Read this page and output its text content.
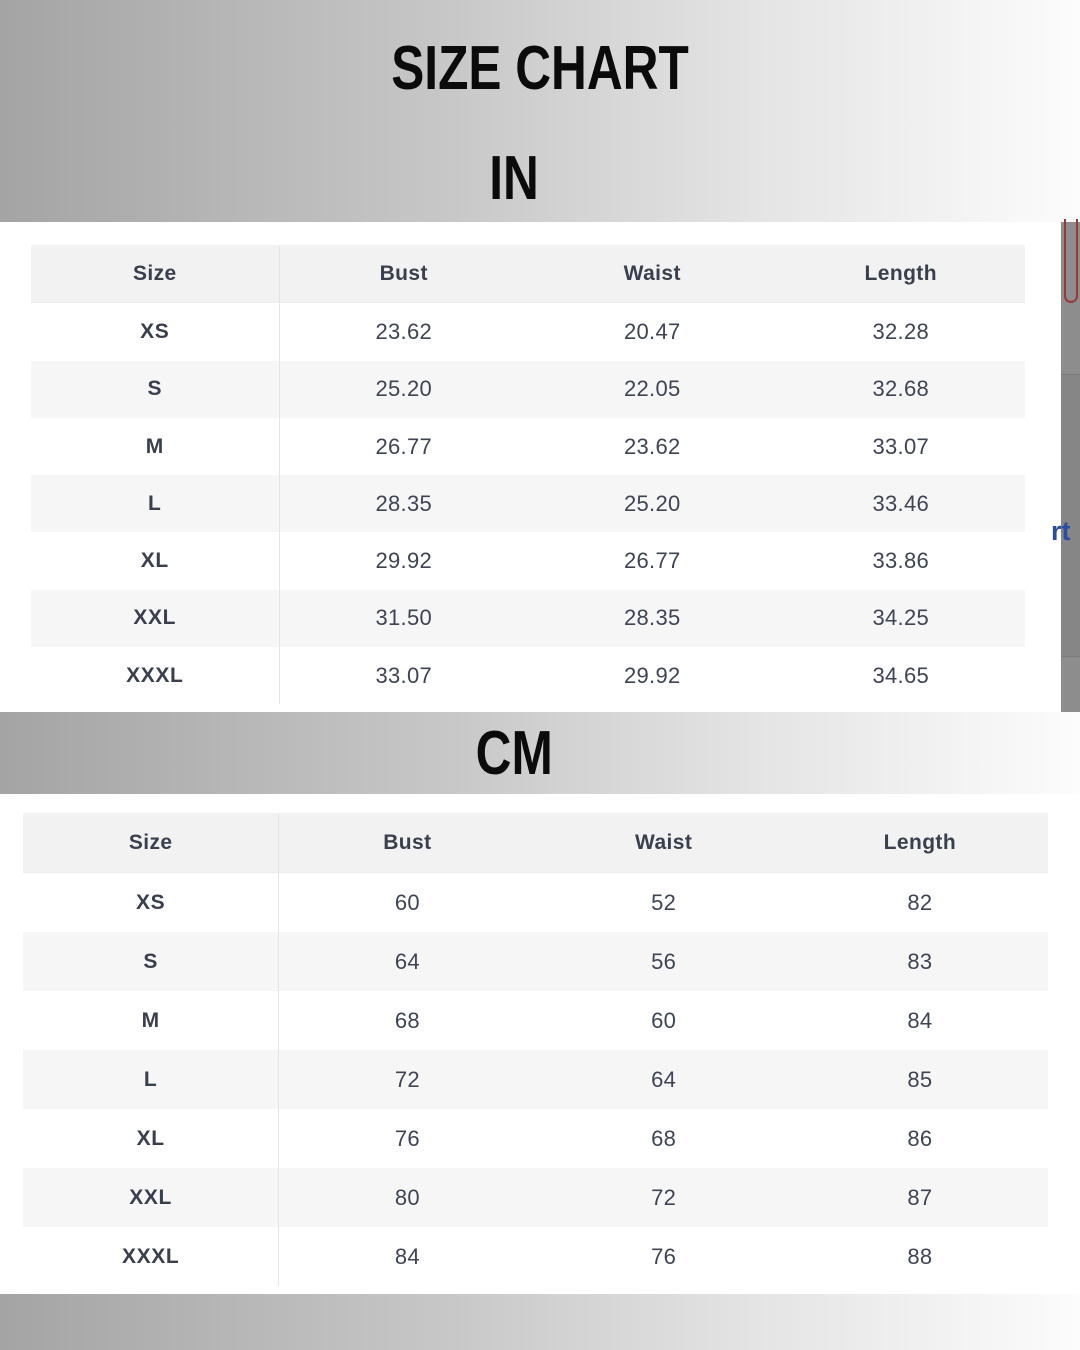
SIZE CHART
IN
Size	Bust	Waist	Length
XS	23.62	20.47	32.28
S	25.20	22.05	32.68
M	26.77	23.62	33.07
L	28.35	25.20	33.46
XL	29.92	26.77	33.86
XXL	31.50	28.35	34.25
XXXL	33.07	29.92	34.65
rt
CM
Size	Bust	Waist	Length
XS	60	52	82
S	64	56	83
M	68	60	84
L	72	64	85
XL	76	68	86
XXL	80	72	87
XXXL	84	76	88
